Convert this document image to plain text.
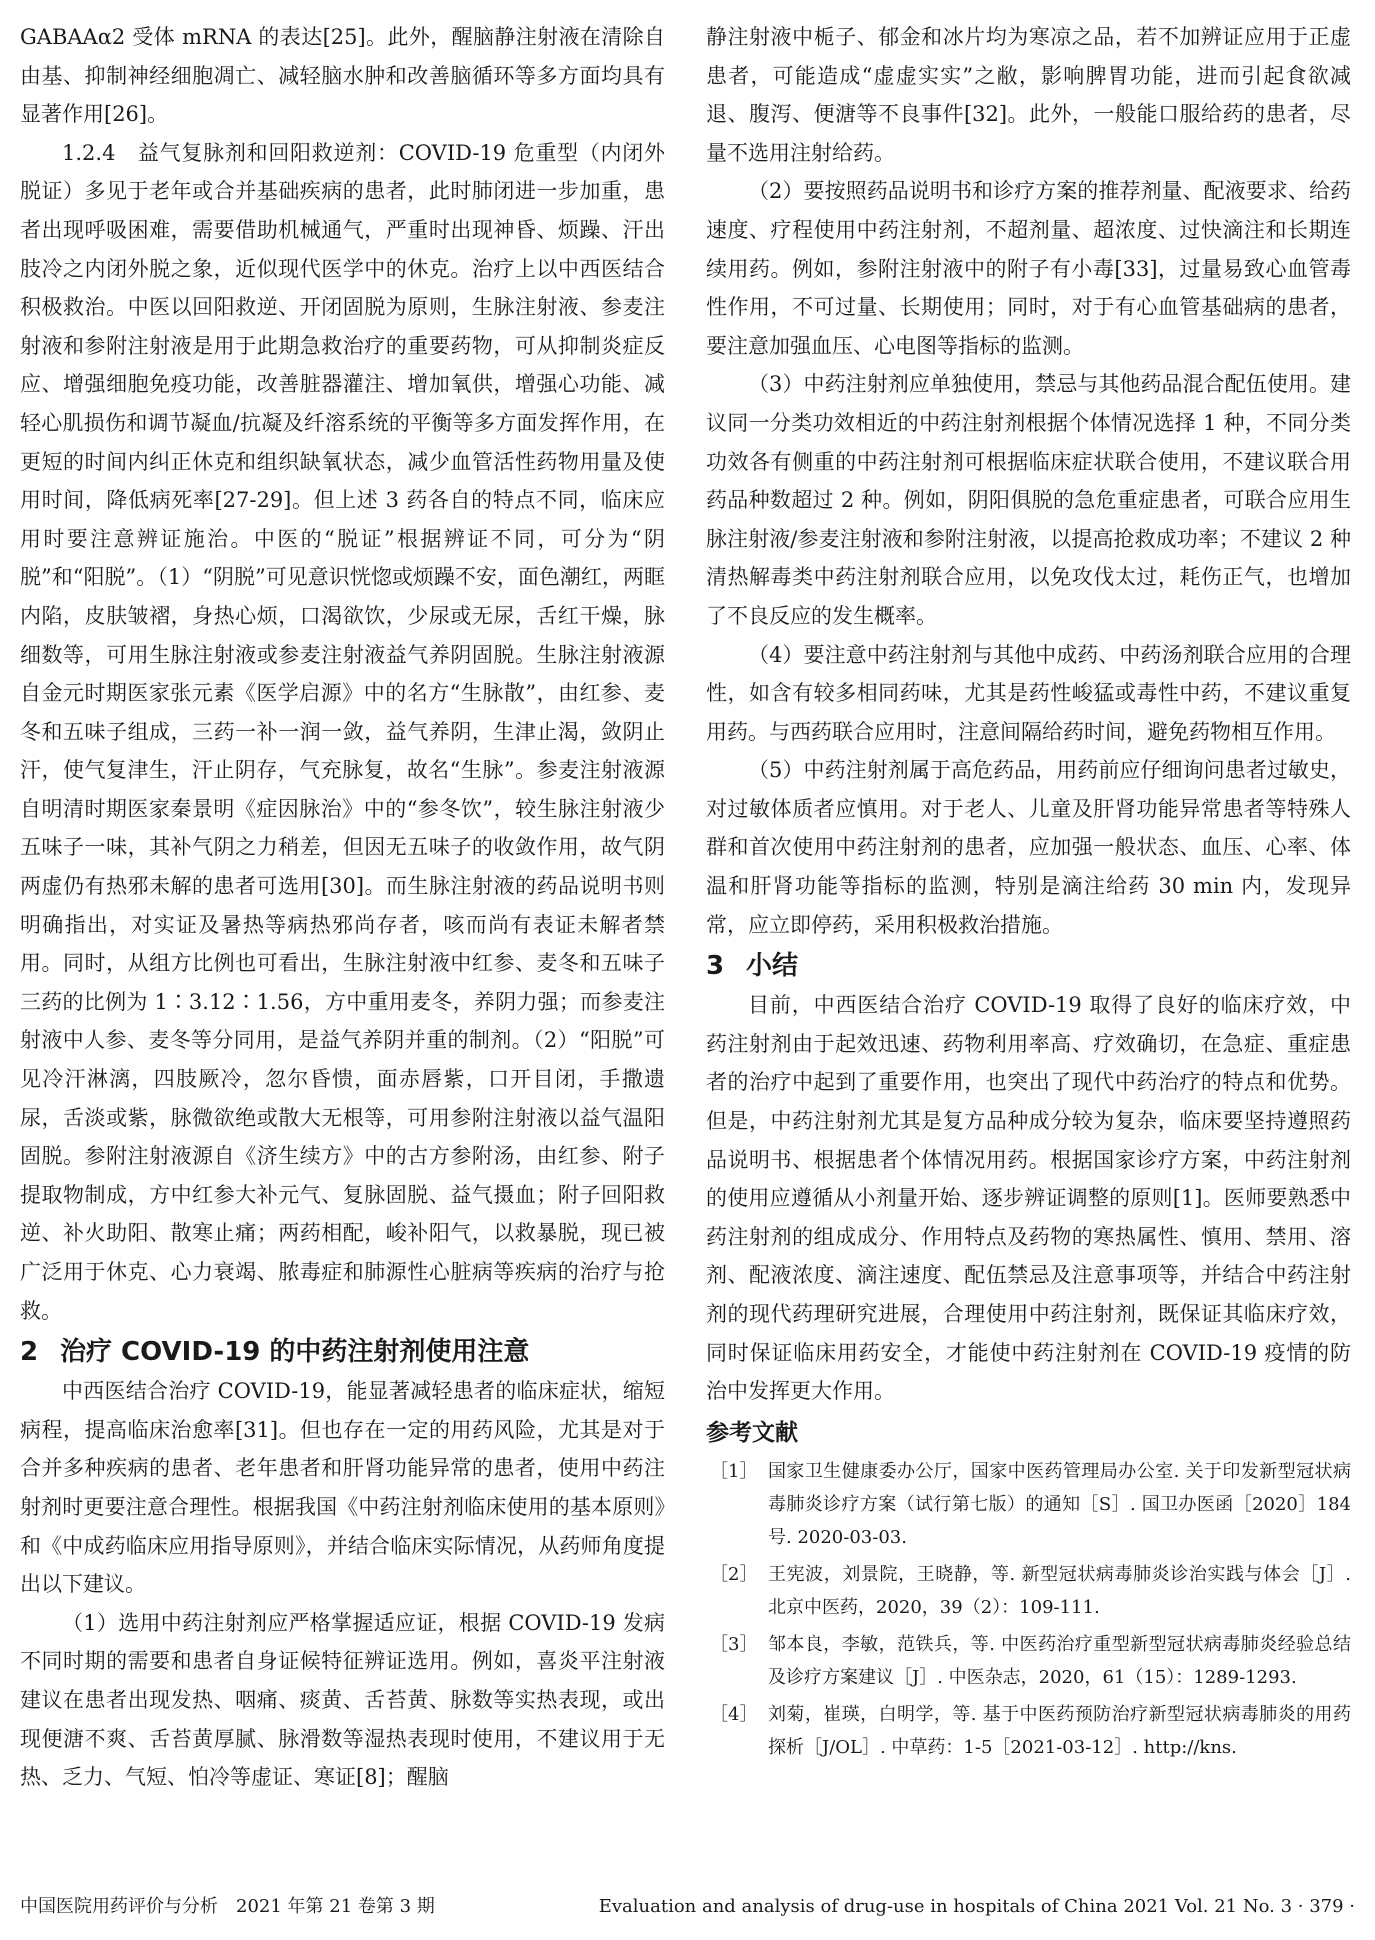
GABAAα2 受体 mRNA 的表达[25]。此外，醒脑静注射液在清除自由基、抑制神经细胞凋亡、减轻脑水肿和改善脑循环等多方面均具有显著作用[26]。

1.2.4　益气复脉剂和回阳救逆剂：COVID-19 危重型（内闭外脱证）多见于老年或合并基础疾病的患者，此时肺闭进一步加重，患者出现呼吸困难，需要借助机械通气，严重时出现神昏、烦躁、汗出肢冷之内闭外脱之象，近似现代医学中的休克。治疗上以中西医结合积极救治。中医以回阳救逆、开闭固脱为原则，生脉注射液、参麦注射液和参附注射液是用于此期急救治疗的重要药物，可从抑制炎症反应、增强细胞免疫功能，改善脏器灌注、增加氧供，增强心功能、减轻心肌损伤和调节凝血/抗凝及纤溶系统的平衡等多方面发挥作用，在更短的时间内纠正休克和组织缺氧状态，减少血管活性药物用量及使用时间，降低病死率[27-29]。但上述 3 药各自的特点不同，临床应用时要注意辨证施治。中医的“脱证”根据辨证不同，可分为“阴脱”和“阳脱”。（1）“阴脱”可见意识恍惚或烦躁不安，面色潮红，两眶内陷，皮肤皱褶，身热心烦，口渴欲饮，少尿或无尿，舌红干燥，脉细数等，可用生脉注射液或参麦注射液益气养阴固脱。生脉注射液源自金元时期医家张元素《医学启源》中的名方“生脉散”，由红参、麦冬和五味子组成，三药一补一润一敛，益气养阴，生津止渴，敛阴止汗，使气复津生，汗止阴存，气充脉复，故名“生脉”。参麦注射液源自明清时期医家秦景明《症因脉治》中的“参冬饮”，较生脉注射液少五味子一味，其补气阴之力稍差，但因无五味子的收敛作用，故气阴两虚仍有热邪未解的患者可选用[30]。而生脉注射液的药品说明书则明确指出，对实证及暑热等病热邪尚存者，咳而尚有表证未解者禁用。同时，从组方比例也可看出，生脉注射液中红参、麦冬和五味子三药的比例为 1∶3.12∶1.56，方中重用麦冬，养阴力强；而参麦注射液中人参、麦冬等分同用，是益气养阴并重的制剂。（2）“阳脱”可见冷汗淋漓，四肢厥冷，忽尔昏愦，面赤唇紫，口开目闭，手撒遗尿，舌淡或紫，脉微欲绝或散大无根等，可用参附注射液以益气温阳固脱。参附注射液源自《济生续方》中的古方参附汤，由红参、附子提取物制成，方中红参大补元气、复脉固脱、益气摄血；附子回阳救逆、补火助阳、散寒止痛；两药相配，峻补阳气，以救暴脱，现已被广泛用于休克、心力衰竭、脓毒症和肺源性心脏病等疾病的治疗与抢救。

2 治疗 COVID-19 的中药注射剂使用注意

中西医结合治疗 COVID-19，能显著减轻患者的临床症状，缩短病程，提高临床治愈率[31]。但也存在一定的用药风险，尤其是对于合并多种疾病的患者、老年患者和肝肾功能异常的患者，使用中药注射剂时更要注意合理性。根据我国《中药注射剂临床使用的基本原则》和《中成药临床应用指导原则》，并结合临床实际情况，从药师角度提出以下建议。

（1）选用中药注射剂应严格掌握适应证，根据 COVID-19 发病不同时期的需要和患者自身证候特征辨证选用。例如，喜炎平注射液建议在患者出现发热、咽痛、痰黄、舌苔黄、脉数等实热表现，或出现便溏不爽、舌苔黄厚腻、脉滑数等湿热表现时使用，不建议用于无热、乏力、气短、怕冷等虚证、寒证[8]；醒脑

静注射液中栀子、郁金和冰片均为寒凉之品，若不加辨证应用于正虚患者，可能造成“虚虚实实”之敝，影响脾胃功能，进而引起食欲减退、腹泻、便溏等不良事件[32]。此外，一般能口服给药的患者，尽量不选用注射给药。

（2）要按照药品说明书和诊疗方案的推荐剂量、配液要求、给药速度、疗程使用中药注射剂，不超剂量、超浓度、过快滴注和长期连续用药。例如，参附注射液中的附子有小毒[33]，过量易致心血管毒性作用，不可过量、长期使用；同时，对于有心血管基础病的患者，要注意加强血压、心电图等指标的监测。

（3）中药注射剂应单独使用，禁忌与其他药品混合配伍使用。建议同一分类功效相近的中药注射剂根据个体情况选择 1 种，不同分类功效各有侧重的中药注射剂可根据临床症状联合使用，不建议联合用药品种数超过 2 种。例如，阴阳俱脱的急危重症患者，可联合应用生脉注射液/参麦注射液和参附注射液，以提高抢救成功率；不建议 2 种清热解毒类中药注射剂联合应用，以免攻伐太过，耗伤正气，也增加了不良反应的发生概率。

（4）要注意中药注射剂与其他中成药、中药汤剂联合应用的合理性，如含有较多相同药味，尤其是药性峻猛或毒性中药，不建议重复用药。与西药联合应用时，注意间隔给药时间，避免药物相互作用。

（5）中药注射剂属于高危药品，用药前应仔细询问患者过敏史，对过敏体质者应慎用。对于老人、儿童及肝肾功能异常患者等特殊人群和首次使用中药注射剂的患者，应加强一般状态、血压、心率、体温和肝肾功能等指标的监测，特别是滴注给药 30 min 内，发现异常，应立即停药，采用积极救治措施。

3 小结

目前，中西医结合治疗 COVID-19 取得了良好的临床疗效，中药注射剂由于起效迅速、药物利用率高、疗效确切，在急症、重症患者的治疗中起到了重要作用，也突出了现代中药治疗的特点和优势。但是，中药注射剂尤其是复方品种成分较为复杂，临床要坚持遵照药品说明书、根据患者个体情况用药。根据国家诊疗方案，中药注射剂的使用应遵循从小剂量开始、逐步辨证调整的原则[1]。医师要熟悉中药注射剂的组成成分、作用特点及药物的寒热属性、慎用、禁用、溶剂、配液浓度、滴注速度、配伍禁忌及注意事项等，并结合中药注射剂的现代药理研究进展，合理使用中药注射剂，既保证其临床疗效，同时保证临床用药安全，才能使中药注射剂在 COVID-19 疫情的防治中发挥更大作用。

参考文献
［1］ 国家卫生健康委办公厅，国家中医药管理局办公室. 关于印发新型冠状病毒肺炎诊疗方案（试行第七版）的通知［S］. 国卫办医函［2020］184 号. 2020-03-03.
［2］ 王宪波，刘景院，王晓静，等. 新型冠状病毒肺炎诊治实践与体会［J］. 北京中医药，2020，39（2）：109-111.
［3］ 邹本良，李敏，范铁兵，等. 中医药治疗重型新型冠状病毒肺炎经验总结及诊疗方案建议［J］. 中医杂志，2020，61（15）：1289-1293.
［4］ 刘菊，崔瑛，白明学，等. 基于中医药预防治疗新型冠状病毒肺炎的用药探析［J/OL］. 中草药：1-5［2021-03-12］. http://kns.
中国医院用药评价与分析　2021 年第 21 卷第 3 期	Evaluation and analysis of drug-use in hospitals of China 2021 Vol. 21 No. 3 · 379 ·
